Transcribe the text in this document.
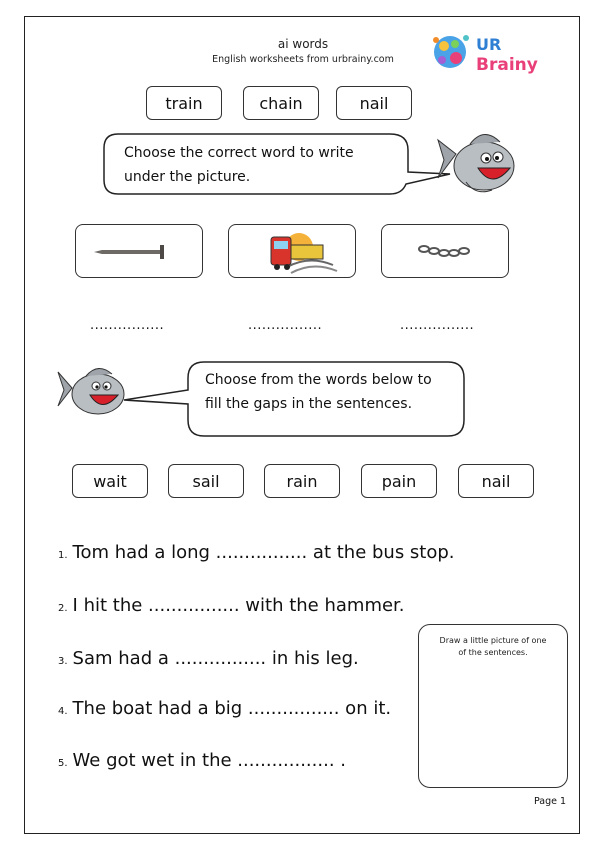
ai words
English worksheets from urbrainy.com
UR
Brainy
train	chain	nail
Choose the correct word to write
under the picture.
................	................	................
Choose from the words below to
fill the gaps in the sentences.
wait	sail	rain	pain	nail
1. Tom had a long ................ at the bus stop.
2. I hit the ................ with the hammer.
3. Sam had a ................ in his leg.
4. The boat had a big ................ on it.
5. We got wet in the ................. .
Draw a little picture of one
of the sentences.
Page 1
